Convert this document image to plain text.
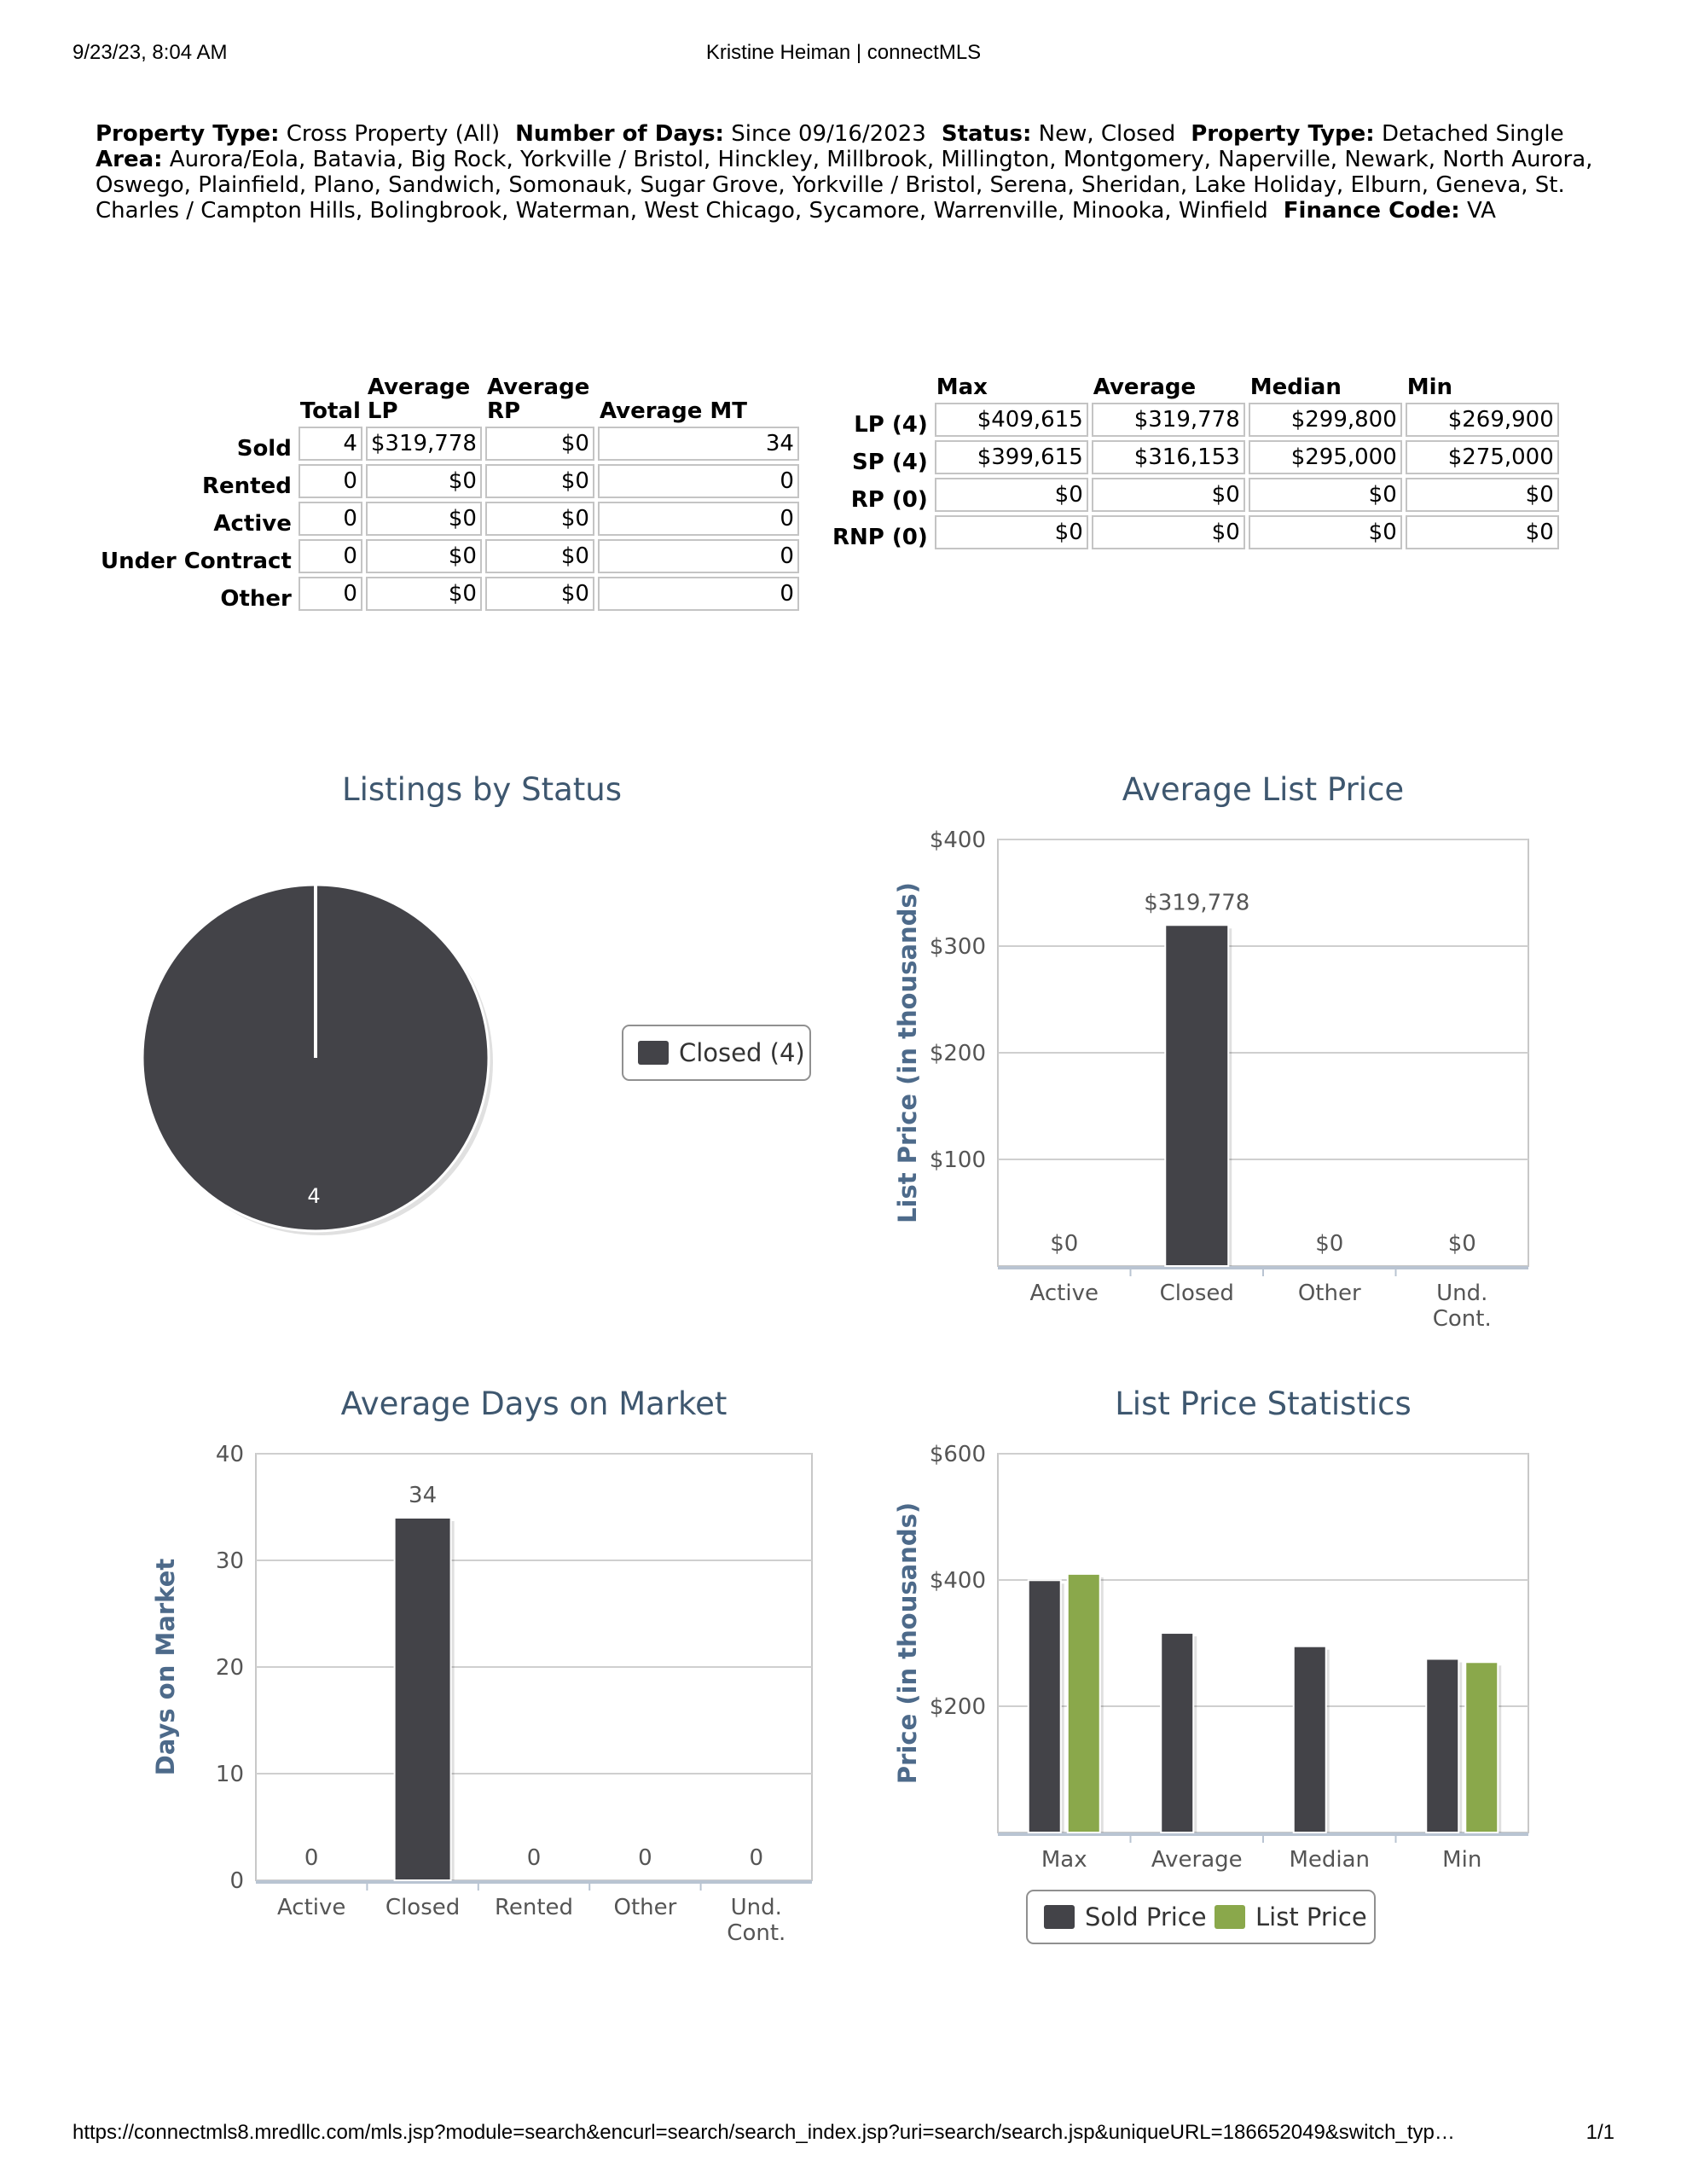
9/23/23, 8:04 AM	Kristine Heiman | connectMLS
Property Type: Cross Property (All) Number of Days: Since 09/16/2023 Status: New, Closed Property Type: Detached SingleArea: Aurora/Eola, Batavia, Big Rock, Yorkville / Bristol, Hinckley, Millbrook, Millington, Montgomery, Naperville, Newark, North Aurora, Oswego, Plainfield, Plano, Sandwich, Somonauk, Sugar Grove, Yorkville / Bristol, Serena, Sheridan, Lake Holiday, Elburn, Geneva, St. Charles / Campton Hills, Bolingbrook, Waterman, West Chicago, Sycamore, Warrenville, Minooka, Winfield Finance Code: VA
	Total	Average LP	Average RP	Average MT
Sold	4	$319,778	$0	34
Rented	0	$0	$0	0
Active	0	$0	$0	0
Under Contract	0	$0	$0	0
Other	0	$0	$0	0
	Max	Average	Median	Min
LP (4)	$409,615	$319,778	$299,800	$269,900
SP (4)	$399,615	$316,153	$295,000	$275,000
RP (0)	$0	$0	$0	$0
RNP (0)	$0	$0	$0	$0
Listings by Status
4
Closed (4)
Average List Price
$100
$200
$300
$400
List Price (in thousands)
Active	Closed	Other	Und.
Cont.
$0
$319,778
$0	$0
Average Days on Market
0
10
20
30
40
Days on Market
Active Closed Rented Other Und.
Cont.
0
34
0	0	0
List Price Statistics
$200
$400
$600
Price (in thousands)
Max	Average Median	Min
Sold Price List Price
https://connectmls8.mredllc.com/mls.jsp?module=search&encurl=search/search_index.jsp?uri=search/search.jsp&uniqueURL=186652049&switch_typ…	1/1
